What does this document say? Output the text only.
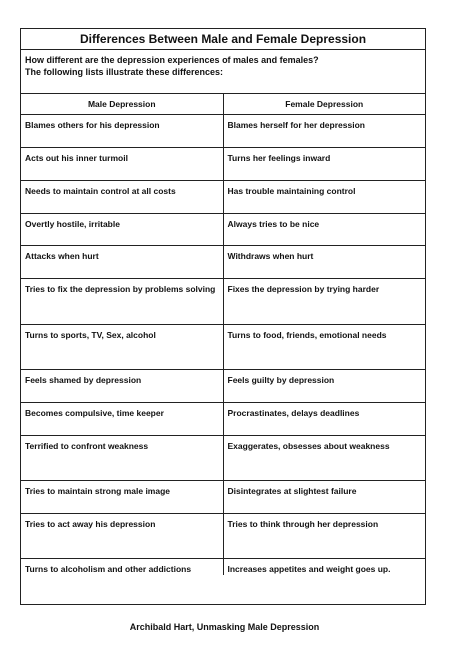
Differences Between Male and Female Depression

How different are the depression experiences of males and females?

The following lists illustrate these differences:

Male Depression	Female Depression
Blames others for his depression	Blames herself for her depression
Acts out his inner turmoil	Turns her feelings inward
Needs to maintain control at all costs	Has trouble maintaining control
Overtly hostile, irritable	Always tries to be nice
Attacks when hurt	Withdraws when hurt
Tries to fix the depression by problems solving	Fixes the depression by trying harder
Turns to sports, TV, Sex, alcohol	Turns to food, friends, emotional needs
Feels shamed by depression	Feels guilty by depression
Becomes compulsive, time keeper	Procrastinates, delays deadlines
Terrified to confront weakness	Exaggerates, obsesses about weakness
Tries to maintain strong male image	Disintegrates at slightest failure
Tries to act away his depression	Tries to think through her depression
Turns to alcoholism and other addictions	Increases appetites and weight goes up.
Archibald Hart, Unmasking Male Depression
